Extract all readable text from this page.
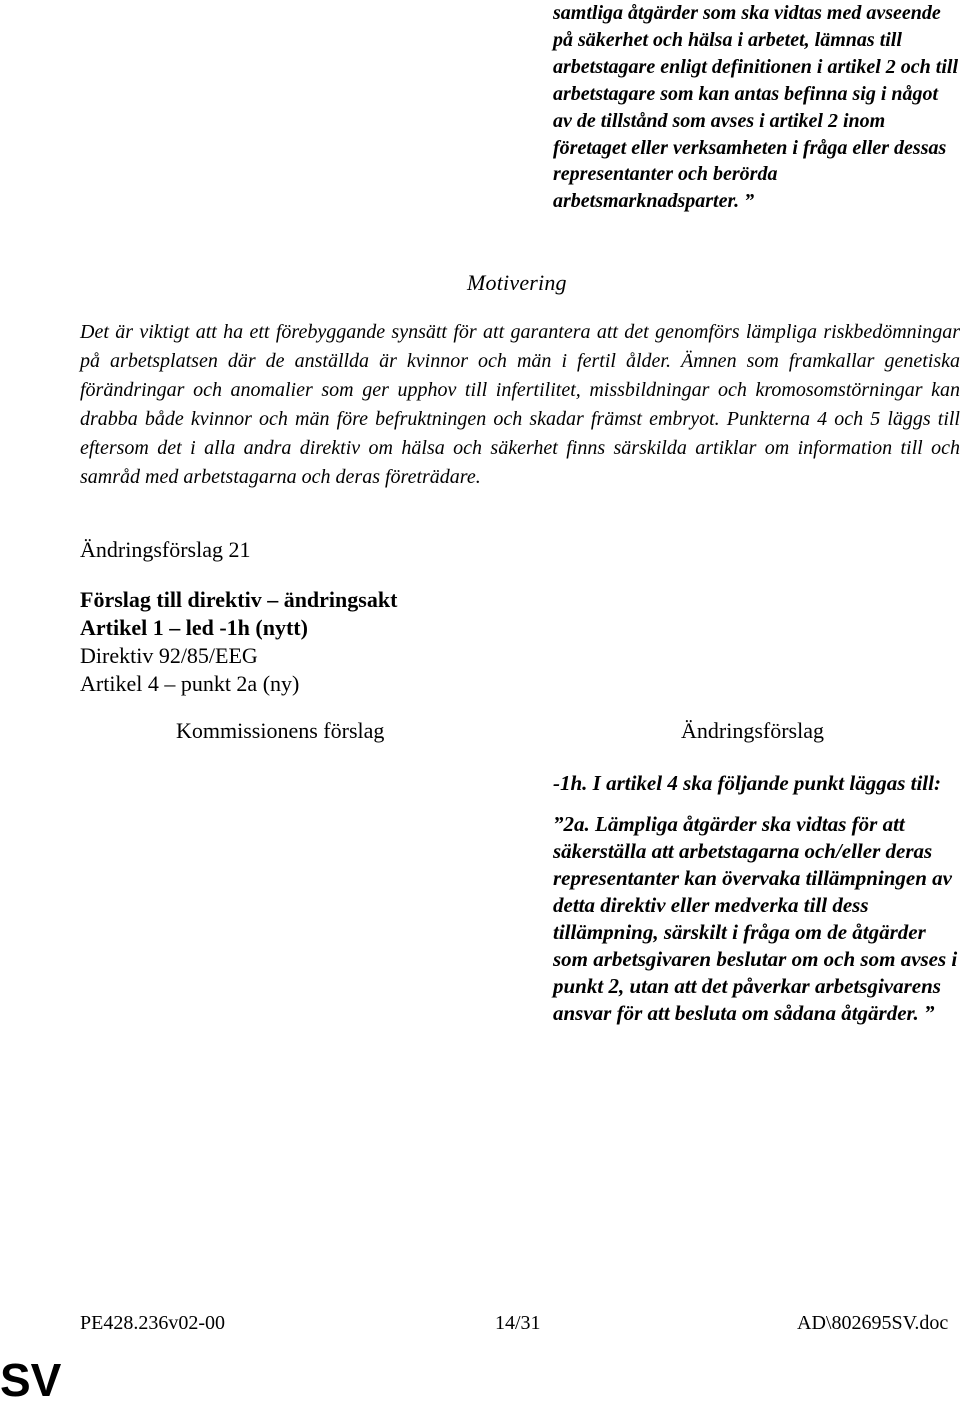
samtliga åtgärder som ska vidtas med avseende på säkerhet och hälsa i arbetet, lämnas till arbetstagare enligt definitionen i artikel 2 och till arbetstagare som kan antas befinna sig i något av de tillstånd som avses i artikel 2 inom företaget eller verksamheten i fråga eller dessas representanter och berörda arbetsmarknadsparter. ”
Motivering
Det är viktigt att ha ett förebyggande synsätt för att garantera att det genomförs lämpliga riskbedömningar på arbetsplatsen där de anställda är kvinnor och män i fertil ålder. Ämnen som framkallar genetiska förändringar och anomalier som ger upphov till infertilitet, missbildningar och kromosomstörningar kan drabba både kvinnor och män före befruktningen och skadar främst embryot. Punkterna 4 och 5 läggs till eftersom det i alla andra direktiv om hälsa och säkerhet finns särskilda artiklar om information till och samråd med arbetstagarna och deras företrädare.
Ändringsförslag 21
Förslag till direktiv – ändringsakt
Artikel 1 – led -1h (nytt)
Direktiv 92/85/EEG
Artikel 4 – punkt 2a (ny)
Kommissionens förslag	Ändringsförslag

-1h. I artikel 4 ska följande punkt läggas till:

”2a. Lämpliga åtgärder ska vidtas för att säkerställa att arbetstagarna och/eller deras representanter kan övervaka tillämpningen av detta direktiv eller medverka till dess tillämpning, särskilt i fråga om de åtgärder som arbetsgivaren beslutar om och som avses i punkt 2, utan att det påverkar arbetsgivarens ansvar för att besluta om sådana åtgärder. ”

PE428.236v02-00	14/31	AD\802695SV.doc
SV
